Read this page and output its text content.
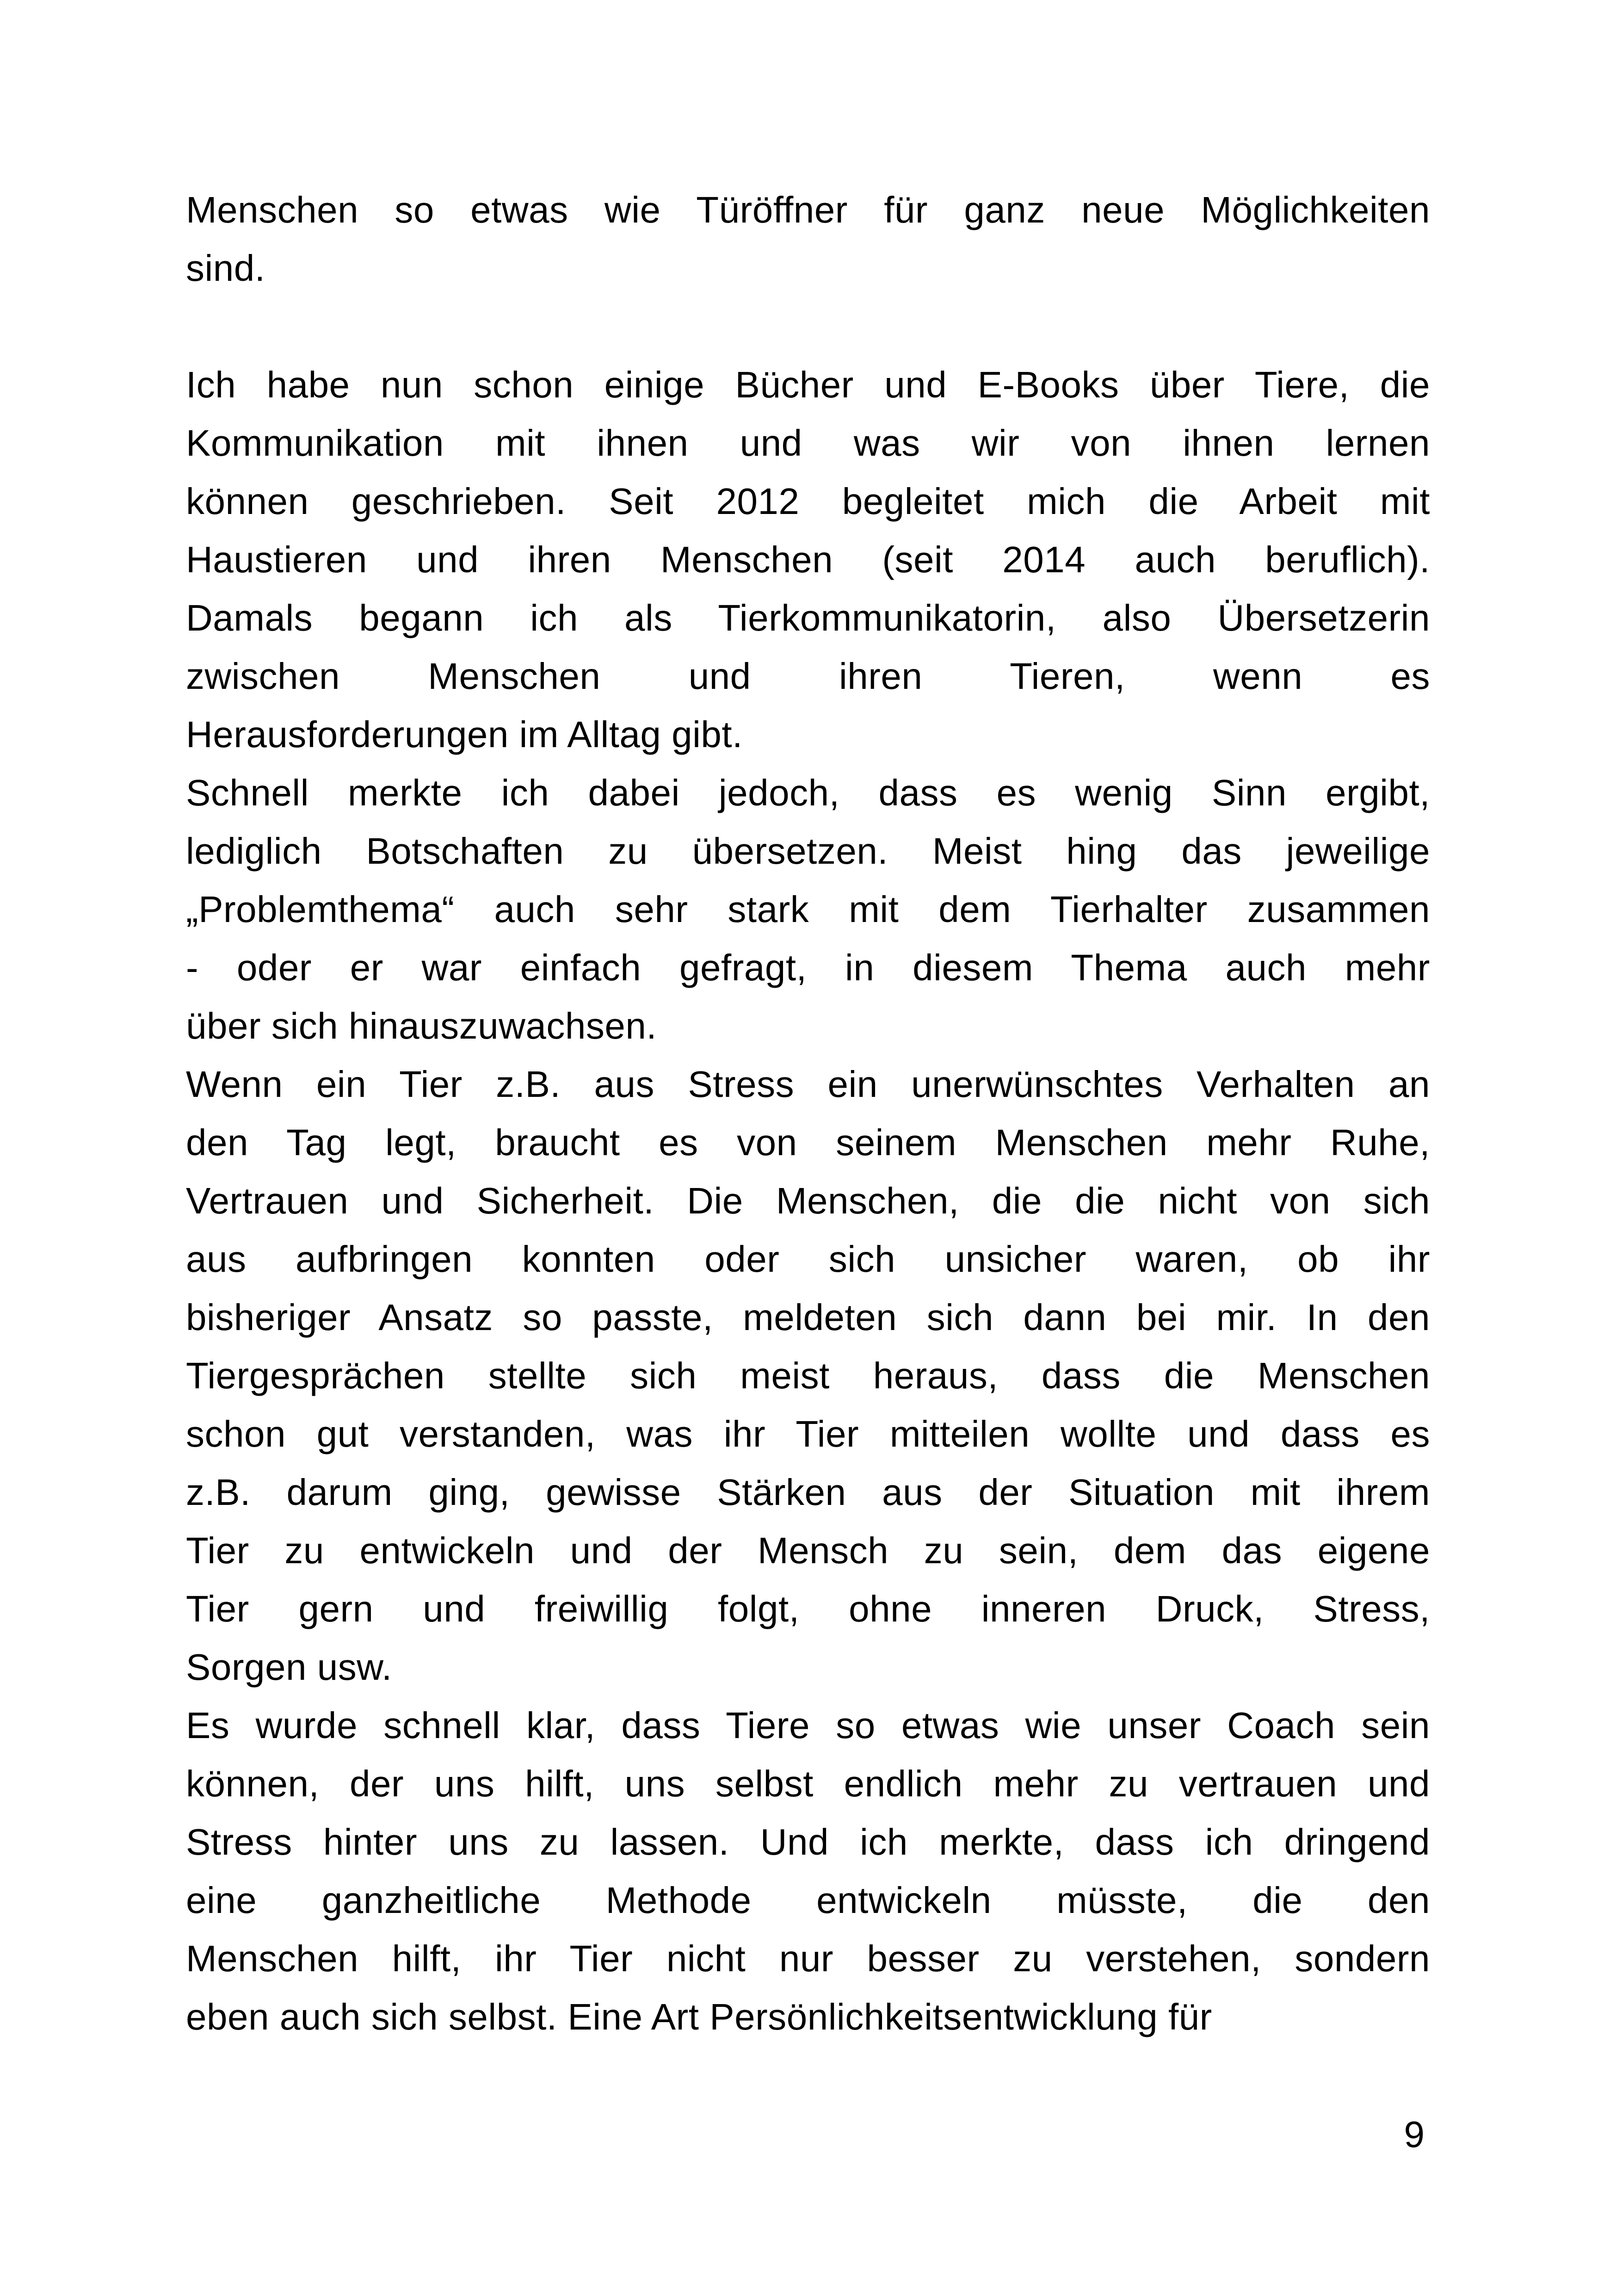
Menschen so etwas wie Türöffner für ganz neue Möglichkeiten
sind.
Ich habe nun schon einige Bücher und E-Books über Tiere, die
Kommunikation mit ihnen und was wir von ihnen lernen
können geschrieben. Seit 2012 begleitet mich die Arbeit mit
Haustieren und ihren Menschen (seit 2014 auch beruflich).
Damals begann ich als Tierkommunikatorin, also Übersetzerin
zwischen Menschen und ihren Tieren, wenn es
Herausforderungen im Alltag gibt.
Schnell merkte ich dabei jedoch, dass es wenig Sinn ergibt,
lediglich Botschaften zu übersetzen. Meist hing das jeweilige
„Problemthema“ auch sehr stark mit dem Tierhalter zusammen
- oder er war einfach gefragt, in diesem Thema auch mehr
über sich hinauszuwachsen.
Wenn ein Tier z.B. aus Stress ein unerwünschtes Verhalten an
den Tag legt, braucht es von seinem Menschen mehr Ruhe,
Vertrauen und Sicherheit. Die Menschen, die die nicht von sich
aus aufbringen konnten oder sich unsicher waren, ob ihr
bisheriger Ansatz so passte, meldeten sich dann bei mir. In den
Tiergesprächen stellte sich meist heraus, dass die Menschen
schon gut verstanden, was ihr Tier mitteilen wollte und dass es
z.B. darum ging, gewisse Stärken aus der Situation mit ihrem
Tier zu entwickeln und der Mensch zu sein, dem das eigene
Tier gern und freiwillig folgt, ohne inneren Druck, Stress,
Sorgen usw.
Es wurde schnell klar, dass Tiere so etwas wie unser Coach sein
können, der uns hilft, uns selbst endlich mehr zu vertrauen und
Stress hinter uns zu lassen. Und ich merkte, dass ich dringend
eine ganzheitliche Methode entwickeln müsste, die den
Menschen hilft, ihr Tier nicht nur besser zu verstehen, sondern
eben auch sich selbst. Eine Art Persönlichkeitsentwicklung für
9
